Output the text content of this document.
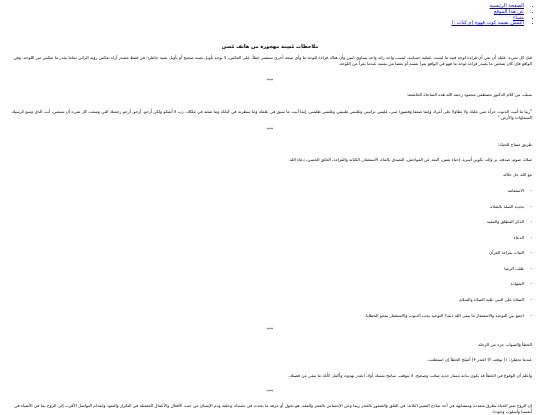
• الصفحة الرئيسية
• عن هذا الموقع
• مساء
• اعمش بقيمة كوب قهوة (م كتاب :)
ملاحظات مُسِنة مهجورة من هاتف مُسن

قبل كل شيء، عليك أن تعي أن قراءة لوحة فنية ما ليست عملية حسابية، ليست واحد زائد واحد يساوي اثنين وأن هناك قراءة للوحة ما وأي نتيجة أخرى ستعتبر خطأ، على العكس، لا يوجد تأويل بعينه صحيح أو تأويل بعينه خاطئ؛ في فقط مصدر آراء تعكس رؤية الرائي تماما بقدر ما تعكس من اللوحة. وفي الواقع فإن كان شخص ما يصدر قراءة لوحة ما فهو في الواقع يقرأ نفسه أو بعضا من نفسه عندما يقرأ من اللوحة.

***

سيلت من كلام الدكتور مصطفى محمود رحمه الله هذه المناجاة الخاشعة:

"ربنا ما أنيت الذنوب جرأة مني عليك ولا تطاولا على أمرك وإنما ضعفا وقصورا مني، غلبتني نرانيتي وغلبتني طينيتي وغلبتني ظلمتي. إنما أنيت ما سبق في علمك وما سطرته في كتابك وما شئته في ملكك. رب لا أشكو ولكن أرجو. أرجو. أرجو رحمتك التي وسعت كل شيء أن تسعني، أنت الذي وسع كرسيك السماوات والأرض."

***

طريق مفتاح للحياة:

صلاة، صوم، صدقة، بر والد، تكوين أسرة، إحياء نفس، البعد عن الفواحش، التصدق بالماء، الاستغفار، الكتابة والقراءة، الخلق الحسن، دعاء الله.

مع الله جل جلاله

- الاستقامة
- تجديد الصلة بالصلاة
- الذكر المطلق والمقيد
- الدعاء
- الثبات بقراءة القرآن
- طلب الرضا
- الشهادة
- الصلاة على النبي عليه الصلاة والسلام
- اجمع بين التوحيد والاستغفار ما يبقى الله ذنبه؟ التوحيد يجب الذنوب والاستغفار يمحو الخطايا.

***

الخطأ والصواب جزء من الرحلة

عندما تخطئ: ١) توقف ٢) اعتذر ٣) أصلح الخطأ إن استطعت.

واعلم أن الوقوع في الخطأ قد يكون بداية مسار جديد صائب وصحيح. لا تتوقف، سامح نفسك أولا، اعتذر بهدوء، وأكمل كأنك ما تبقى من قصتك.

***

إن الروح تعبر الحياة بطرق متعددة ومتشابهة في أحد نماذج التعبير الثلاثة: في القلق والشعور بالعجز ربما وعن الإحساس بالعجز والفقد. هو تحول أو عرفه ما يحدث في جسدك وخلقه ودم الإنسان من حيث الأفعال والأعمال المتمثلة في التكرار والتعود وانعدام التواصل الأقرب إلى الروح بما في الأشياء في أنفسنا وأسلوب وجودنا.
